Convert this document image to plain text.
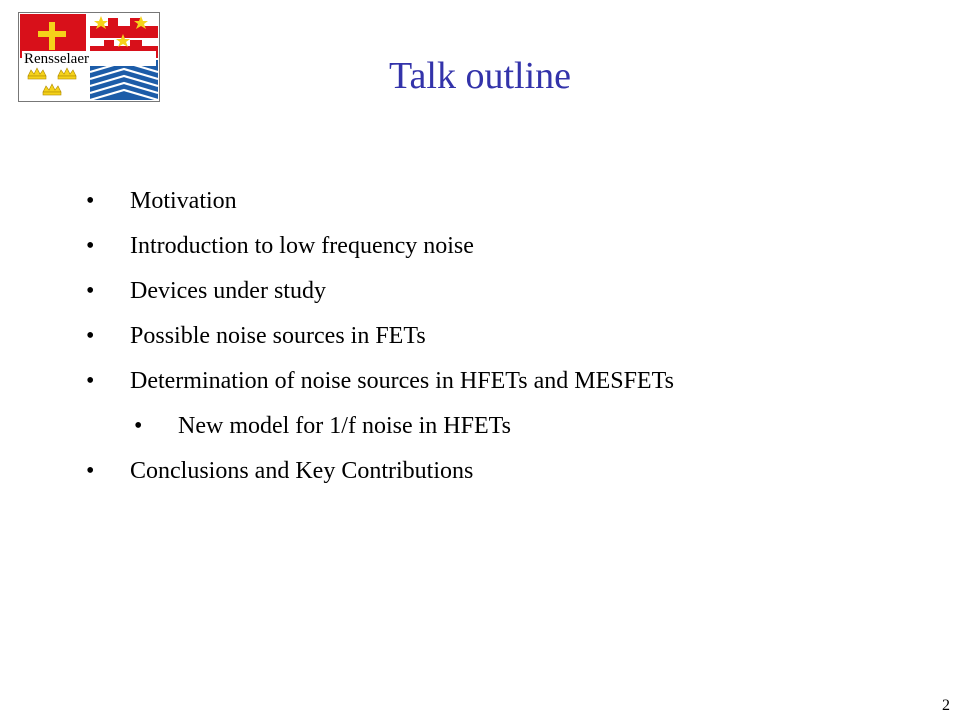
Rensselaer	Talk outline
• Motivation
• Introduction to low frequency noise
• Devices under study
• Possible noise sources in FETs
• Determination of noise sources in HFETs and MESFETs
• New model for 1/f noise in HFETs
• Conclusions and Key Contributions
2
